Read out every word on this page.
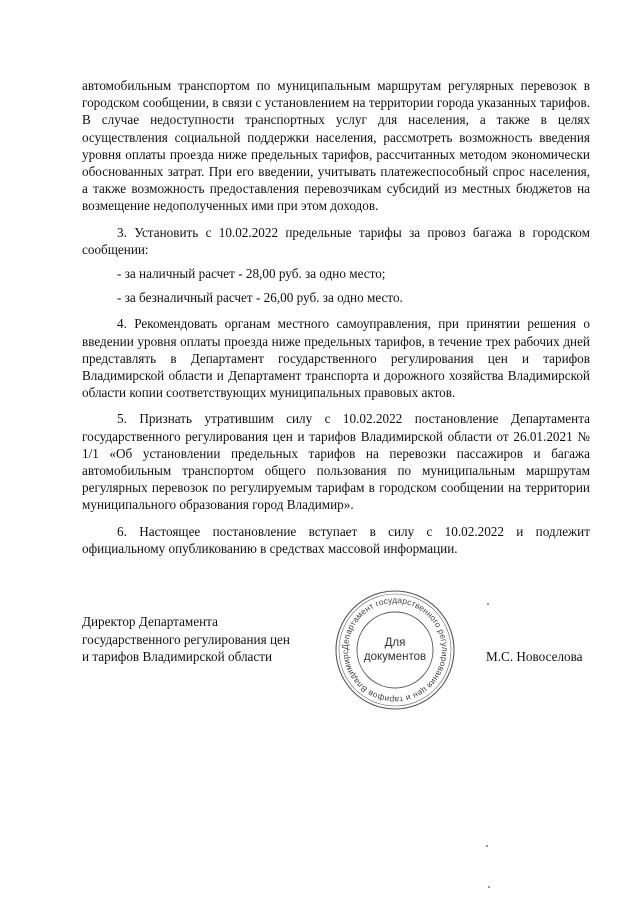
автомобильным транспортом по муниципальным маршрутам регулярных перевозок в городском сообщении, в связи с установлением на территории города указанных тарифов. В случае недоступности транспортных услуг для населения, а также в целях осуществления социальной поддержки населения, рассмотреть возможность введения уровня оплаты проезда ниже предельных тарифов, рассчитанных методом экономически обоснованных затрат. При его введении, учитывать платежеспособный спрос населения, а также возможность предоставления перевозчикам субсидий из местных бюджетов на возмещение недополученных ими при этом доходов.

3. Установить с 10.02.2022 предельные тарифы за провоз багажа в городском сообщении:

- за наличный расчет - 28,00 руб. за одно место;

- за безналичный расчет - 26,00 руб. за одно место.

4. Рекомендовать органам местного самоуправления, при принятии решения о введении уровня оплаты проезда ниже предельных тарифов, в течение трех рабочих дней представлять в Департамент государственного регулирования цен и тарифов Владимирской области и Департамент транспорта и дорожного хозяйства Владимирской области копии соответствующих муниципальных правовых актов.

5. Признать утратившим силу с 10.02.2022 постановление Департамента государственного регулирования цен и тарифов Владимирской области от 26.01.2021 № 1/1 «Об установлении предельных тарифов на перевозки пассажиров и багажа автомобильным транспортом общего пользования по муниципальным маршрутам регулярных перевозок по регулируемым тарифам в городском сообщении на территории муниципального образования город Владимир».

6. Настоящее постановление вступает в силу с 10.02.2022 и подлежит официальному опубликованию в средствах массовой информации.

Директор Департамента
государственного регулирования цен
и тарифов Владимирской области
Департамент государственного регулирования цен и тарифов Владимирс
Для
документов	М.С. Новоселова
